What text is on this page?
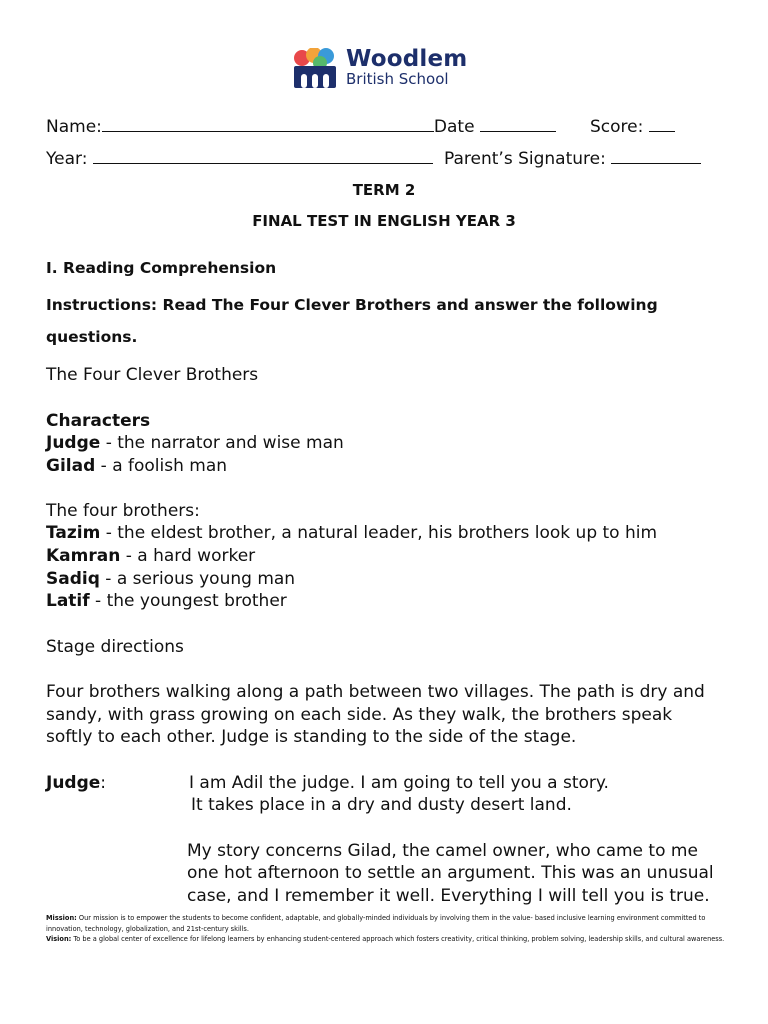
Woodlem
British School
Name:	Date	Score:
Year:	Parent’s Signature:
TERM 2
FINAL TEST IN ENGLISH YEAR 3
I. Reading Comprehension
Instructions: Read The Four Clever Brothers and answer the following
questions.
The Four Clever Brothers
Characters
Judge - the narrator and wise man
Gilad - a foolish man
The four brothers:
Tazim - the eldest brother, a natural leader, his brothers look up to him
Kamran - a hard worker
Sadiq - a serious young man
Latif - the youngest brother
Stage directions
Four brothers walking along a path between two villages. The path is dry and
sandy, with grass growing on each side. As they walk, the brothers speak
softly to each other. Judge is standing to the side of the stage.
Judge:	I am Adil the judge. I am going to tell you a story.
It takes place in a dry and dusty desert land.
My story concerns Gilad, the camel owner, who came to me
one hot afternoon to settle an argument. This was an unusual
case, and I remember it well. Everything I will tell you is true.
Mission: Our mission is to empower the students to become confident, adaptable, and globally-minded individuals by involving them in the value- based inclusive learning environment committed to innovation, technology, globalization, and 21st-century skills.
Vision: To be a global center of excellence for lifelong learners by enhancing student-centered approach which fosters creativity, critical thinking, problem solving, leadership skills, and cultural awareness.
